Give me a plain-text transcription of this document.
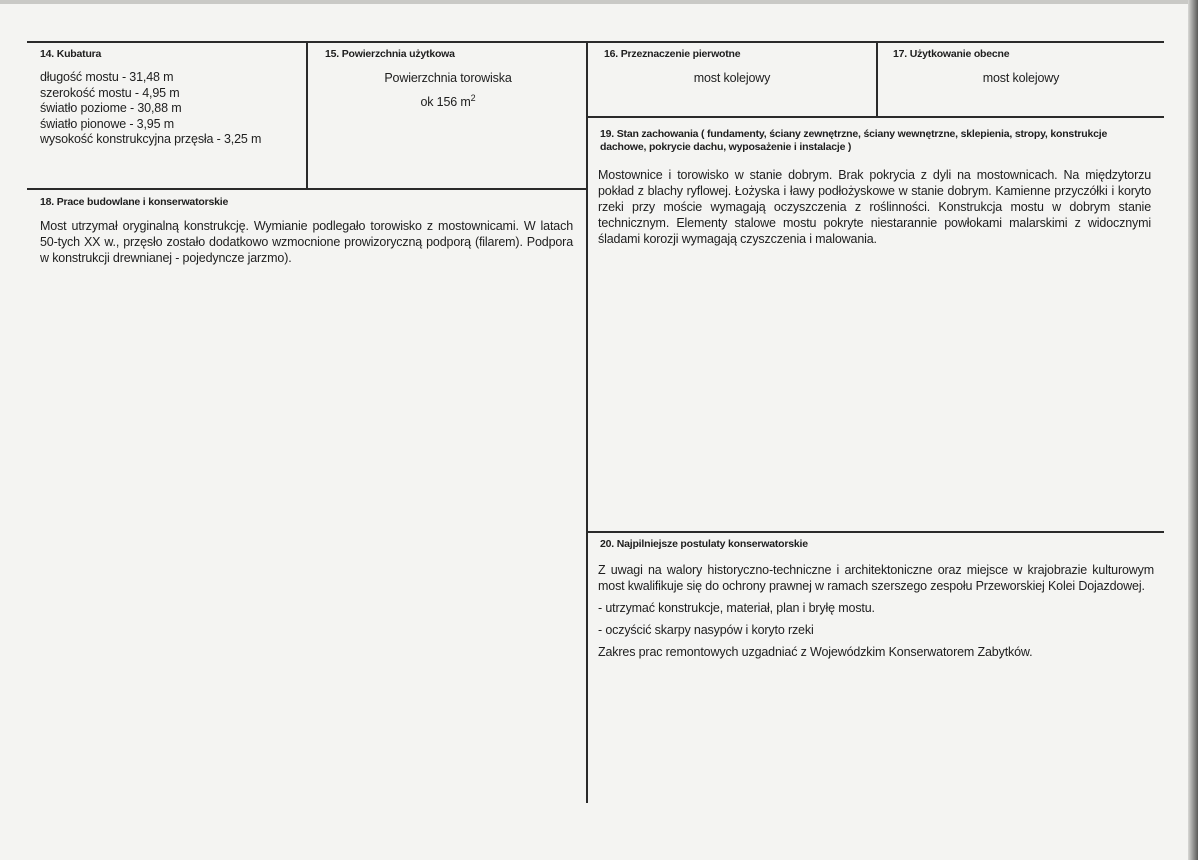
14. Kubatura
długość mostu - 31,48 m
szerokość mostu - 4,95 m
światło poziome - 30,88 m
światło pionowe - 3,95 m
wysokość konstrukcyjna przęsła - 3,25 m
15. Powierzchnia użytkowa
Powierzchnia torowiska
ok 156 $m^2$
16. Przeznaczenie pierwotne
most kolejowy
17. Użytkowanie obecne
most kolejowy
18. Prace budowlane i konserwatorskie
Most utrzymał oryginalną konstrukcję. Wymianie podlegało torowisko z mostownicami. W latach 50-tych XX w., przęsło zostało dodatkowo wzmocnione prowizoryczną podporą (filarem). Podpora w konstrukcji drewnianej - pojedyncze jarzmo).
19. Stan zachowania ( fundamenty, ściany zewnętrzne, ściany wewnętrzne, sklepienia, stropy, konstrukcje dachowe, pokrycie dachu, wyposażenie i instalacje )
Mostownice i torowisko w stanie dobrym. Brak pokrycia z dyli na mostownicach. Na międzytorzu pokład z blachy ryflowej. Łożyska i ławy podłożyskowe w stanie dobrym. Kamienne przyczółki i koryto rzeki przy moście wymagają oczyszczenia z roślinności. Konstrukcja mostu w dobrym stanie technicznym. Elementy stalowe mostu pokryte niestarannie powłokami malarskimi z widocznymi śladami korozji wymagają czyszczenia i malowania.
20. Najpilniejsze postulaty konserwatorskie

Z uwagi na walory historyczno-techniczne i architektoniczne oraz miejsce w krajobrazie kulturowym most kwalifikuje się do ochrony prawnej w ramach szerszego zespołu Przeworskiej Kolei Dojazdowej.

- utrzymać konstrukcje, materiał, plan i bryłę mostu.

- oczyścić skarpy nasypów i koryto rzeki

Zakres prac remontowych uzgadniać z Wojewódzkim Konserwatorem Zabytków.
